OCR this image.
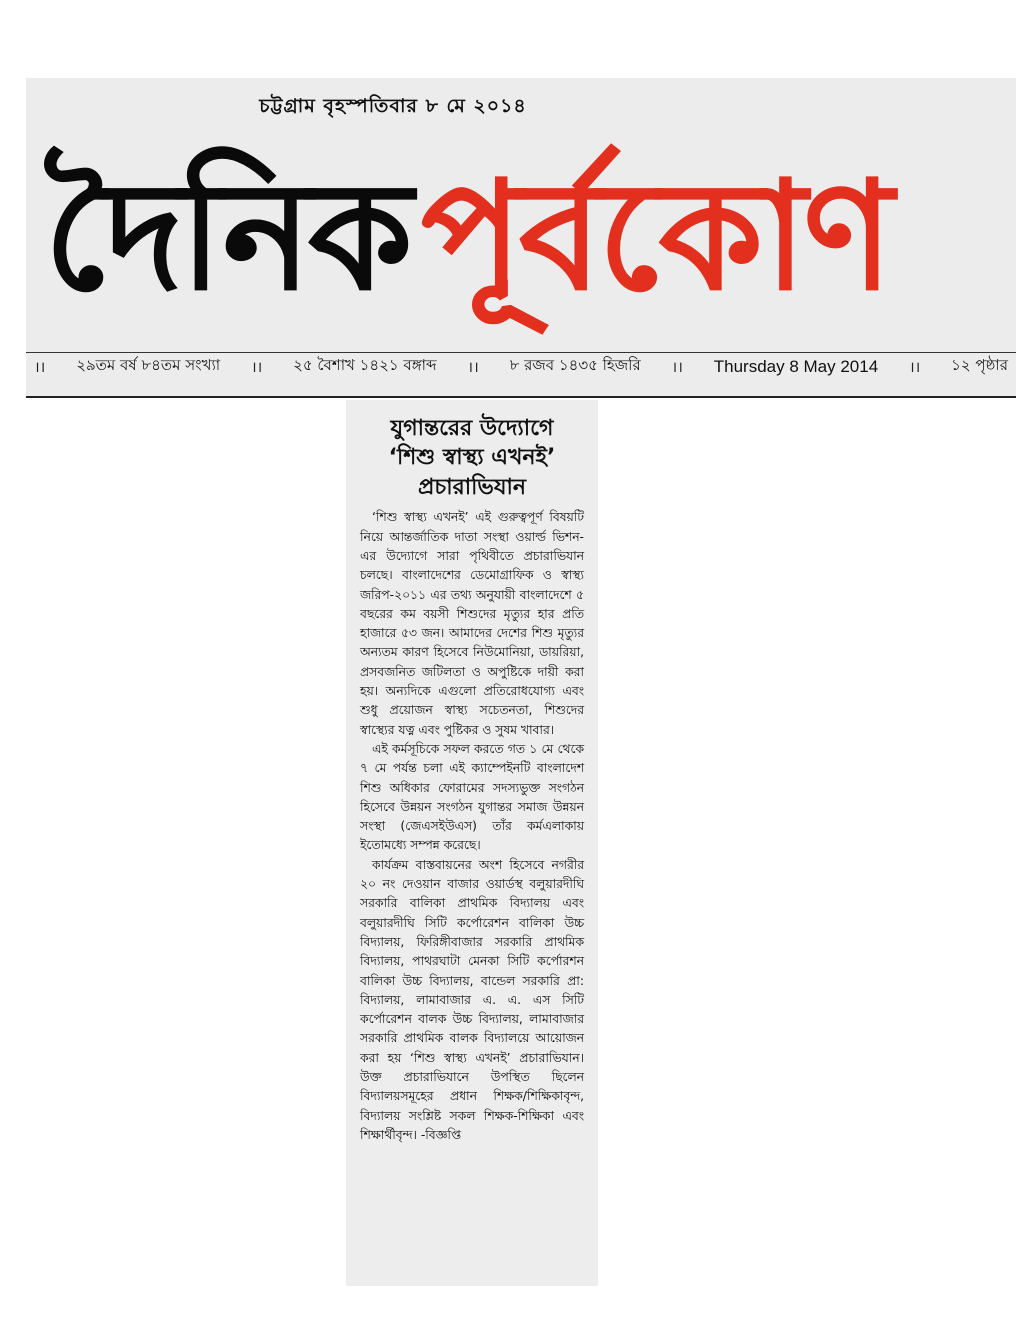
চট্টগ্রাম বৃহস্পতিবার ৮ মে ২০১৪
দৈনিক পূর্বকোণ
।। ২৯তম বর্ষ ৮৪তম সংখ্যা ।। ২৫ বৈশাখ ১৪২১ বঙ্গাব্দ ।। ৮ রজব ১৪৩৫ হিজরি ।। Thursday 8 May 2014 ।। ১২ পৃষ্ঠার
যুগান্তরের উদ্যোগে
‘শিশু স্বাস্থ্য এখনই’
প্রচারাভিযান

‘শিশু স্বাস্থ্য এখনই’ এই গুরুত্বপূর্ণ বিষয়টি নিয়ে আন্তর্জাতিক দাতা সংস্থা ওয়ার্ল্ড ভিশন-এর উদ্যোগে সারা পৃথিবীতে প্রচারাভিযান চলছে। বাংলাদেশের ডেমোগ্রাফিক ও স্বাস্থ্য জরিপ-২০১১ এর তথ্য অনুযায়ী বাংলাদেশে ৫ বছরের কম বয়সী শিশুদের মৃত্যুর হার প্রতি হাজারে ৫৩ জন। আমাদের দেশের শিশু মৃত্যুর অন্যতম কারণ হিসেবে নিউমোনিয়া, ডায়রিয়া, প্রসবজনিত জটিলতা ও অপুষ্টিকে দায়ী করা হয়। অন্যদিকে এগুলো প্রতিরোধযোগ্য এবং শুধু প্রয়োজন স্বাস্থ্য সচেতনতা, শিশুদের স্বাস্থ্যের যত্ন এবং পুষ্টিকর ও সুষম খাবার।

এই কর্মসূচিকে সফল করতে গত ১ মে থেকে ৭ মে পর্যন্ত চলা এই ক্যাম্পেইনটি বাংলাদেশ শিশু অধিকার ফোরামের সদস্যভুক্ত সংগঠন হিসেবে উন্নয়ন সংগঠন যুগান্তর সমাজ উন্নয়ন সংস্থা (জেএসইউএস) তাঁর কর্মএলাকায় ইতোমধ্যে সম্পন্ন করেছে।

কার্যক্রম বাস্তবায়নের অংশ হিসেবে নগরীর ২০ নং দেওয়ান বাজার ওয়ার্ডস্থ বলুয়ারদীঘি সরকারি বালিকা প্রাথমিক বিদ্যালয় এবং বলুয়ারদীঘি সিটি কর্পোরেশন বালিকা উচ্চ বিদ্যালয়, ফিরিঙ্গীবাজার সরকারি প্রাথমিক বিদ্যালয়, পাথরঘাটা মেনকা সিটি কর্পোরশন বালিকা উচ্চ বিদ্যালয়, বান্ডেল সরকারি প্রা: বিদ্যালয়, লামাবাজার এ. এ. এস সিটি কর্পোরেশন বালক উচ্চ বিদ্যালয়, লামাবাজার সরকারি প্রাথমিক বালক বিদ্যালয়ে আয়োজন করা হয় ‘শিশু স্বাস্থ্য এখনই’ প্রচারাভিযান। উক্ত প্রচারাভিযানে উপস্থিত ছিলেন বিদ্যালয়সমূহের প্রধান শিক্ষক/শিক্ষিকাবৃন্দ, বিদ্যালয় সংশ্লিষ্ট সকল শিক্ষক-শিক্ষিকা এবং শিক্ষার্থীবৃন্দ। -বিজ্ঞপ্তি
